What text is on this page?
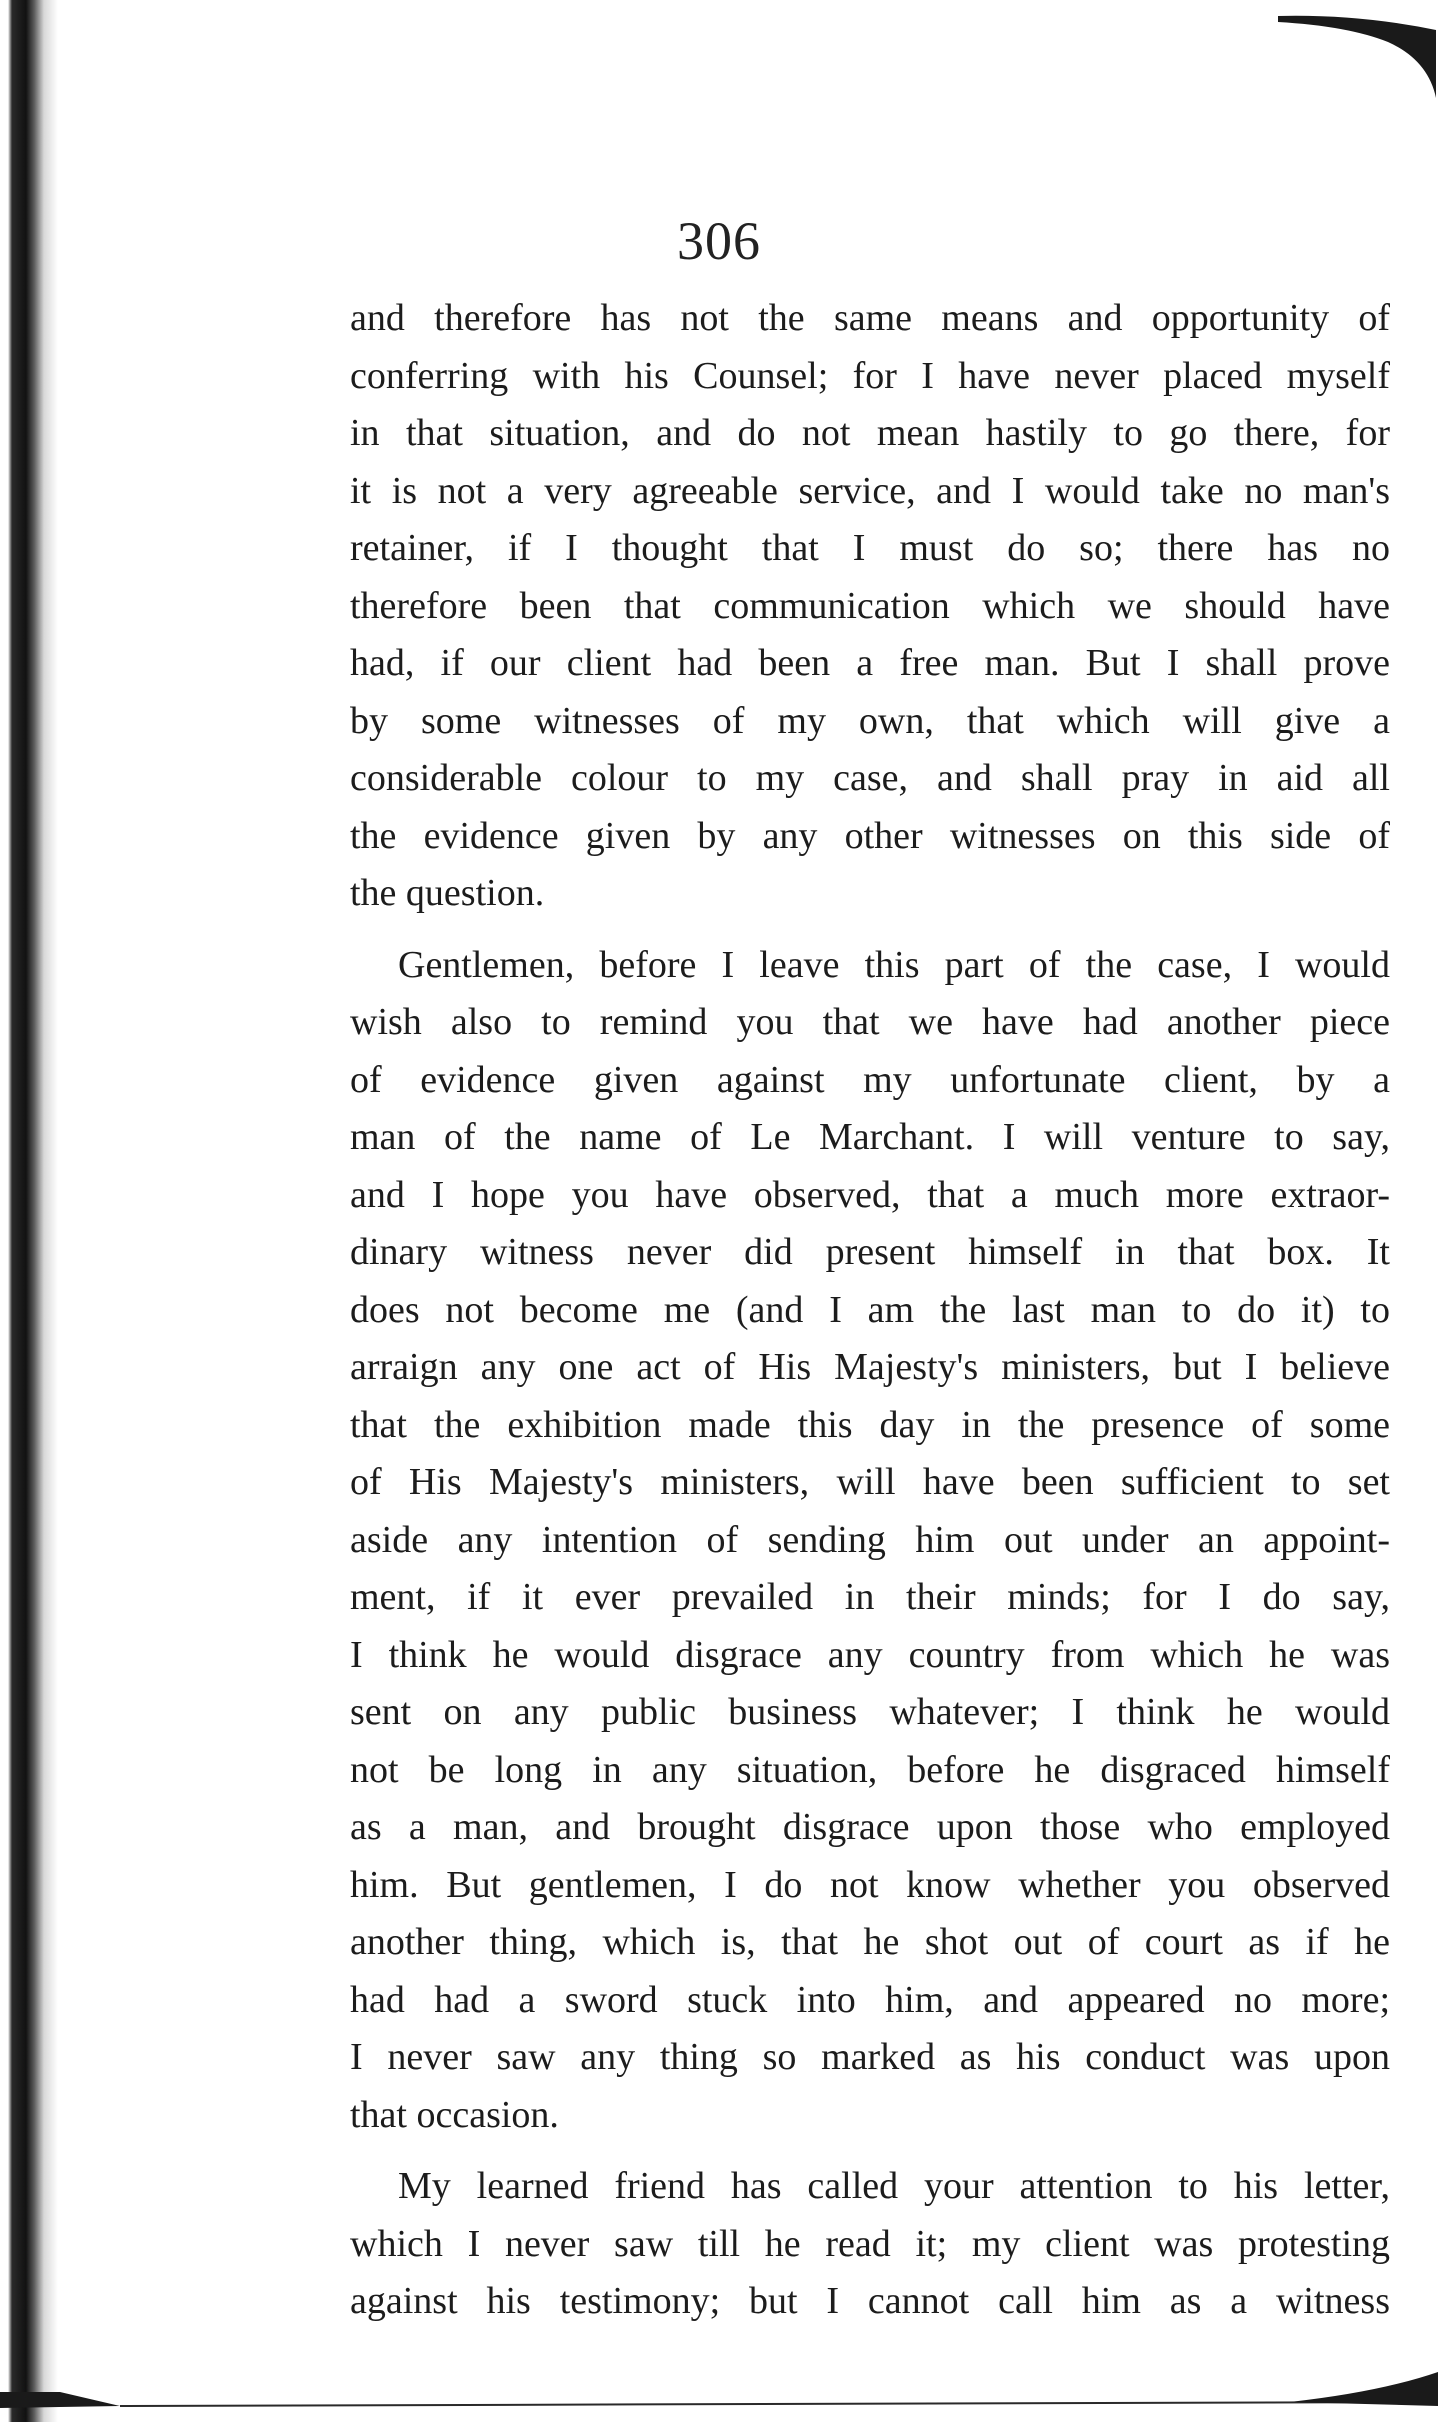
306
and therefore has not the same means and opportunity of
conferring with his Counsel; for I have never placed myself
in that situation, and do not mean hastily to go there, for
it is not a very agreeable service, and I would take no man's
retainer, if I thought that I must do so; there has no
therefore been that communication which we should have
had, if our client had been a free man. But I shall prove
by some witnesses of my own, that which will give a
considerable colour to my case, and shall pray in aid all
the evidence given by any other witnesses on this side of
the question.
Gentlemen, before I leave this part of the case, I would
wish also to remind you that we have had another piece
of evidence given against my unfortunate client, by a
man of the name of Le Marchant. I will venture to say,
and I hope you have observed, that a much more extraor-
dinary witness never did present himself in that box. It
does not become me (and I am the last man to do it) to
arraign any one act of His Majesty's ministers, but I believe
that the exhibition made this day in the presence of some
of His Majesty's ministers, will have been sufficient to set
aside any intention of sending him out under an appoint-
ment, if it ever prevailed in their minds; for I do say,
I think he would disgrace any country from which he was
sent on any public business whatever; I think he would
not be long in any situation, before he disgraced himself
as a man, and brought disgrace upon those who employed
him. But gentlemen, I do not know whether you observed
another thing, which is, that he shot out of court as if he
had had a sword stuck into him, and appeared no more;
I never saw any thing so marked as his conduct was upon
that occasion.
My learned friend has called your attention to his letter,
which I never saw till he read it; my client was protesting
against his testimony; but I cannot call him as a witness
